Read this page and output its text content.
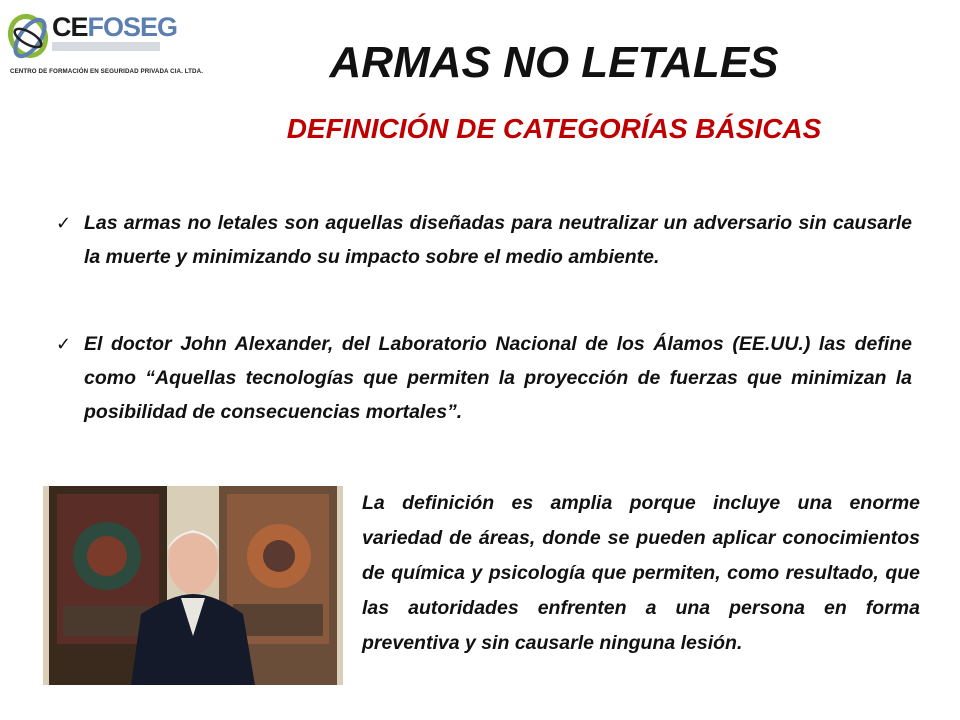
CEFOSEG
CENTRO DE FORMACIÓN EN SEGURIDAD PRIVADA CIA. LTDA.	ARMAS NO LETALES
DEFINICIÓN DE CATEGORÍAS BÁSICAS
✓ Las armas no letales son aquellas diseñadas para neutralizar un adversario sin causarle la muerte y minimizando su impacto sobre el medio ambiente.
✓ El doctor John Alexander, del Laboratorio Nacional de los Álamos (EE.UU.) las define como “Aquellas tecnologías que permiten la proyección de fuerzas que minimizan la posibilidad de consecuencias mortales”.
La definición es amplia porque incluye una enorme variedad de áreas, donde se pueden aplicar conocimientos de química y psicología que permiten, como resultado, que las autoridades enfrenten a una persona en forma preventiva y sin causarle ninguna lesión.
